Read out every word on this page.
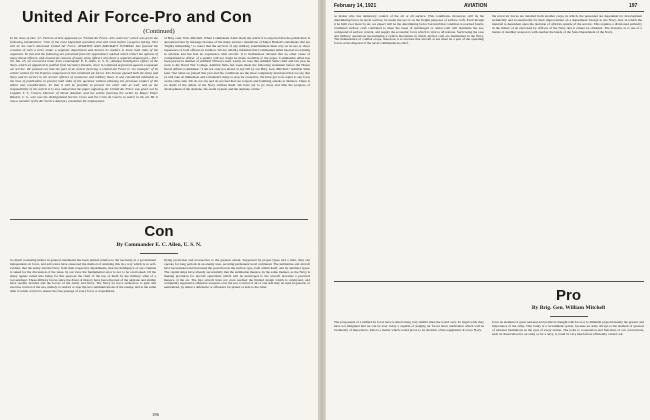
United Air Force-Pro and Con
(Continued)
In the issue of Dec. 27, 1920 an article appeared on "United Air Force—Pro and Con" which was given the following introduction: "One of the most important questions that will come before Congress during 1921 will be the much discussed United Air Force. AVIATION AND AIRCRAFT JOURNAL has favored the creation of such a force under a separate department and desires its readers to know both sides of the argument. To this end the following are presented from the opposition's outlook which reflect the opinion of many Naval officers, and around the reasons of many Army officers who favor a separate department.—Ed." On Jan. 25, we received a letter from Commander E. E. Allen, U. S. N., Aviation Intelligence officer of the Navy, which we appeared to publish from Secretary Daniels, since it contained arguments against a separate air service. We pointed out that the part of an article favoring a United Air Force is "an example" of its article written for the Express component of this combined air forces. The bureau opened both the Army and Navy and its service to air service officers of commerce and military Navy. It was considered advisable at the time of publication to present both sides of the question without allowing the personal contact of the editor into consideration. So that it will be possible to present the other side as well, and as the responsibility of the article it is now stated that the paper opposing the United Air Force was given out by Captain T. T. Craven, Director of Naval Aviation, and the article favoring the writer by Major Elmer Haslett, C. S., who was the distinguished Service Cross and the Croix de Guerre to notice in the air. He is now a member of the Air Service Advisory committee for employment.
of Brig. Gen. Wm. Mitchell. When Commander Allen made the article it is expected that the publication is announced that by message because of the many serious contentions of Major Haslett's statements that are "highly misleading," to assert that the survival of any military establishment must rely on its sea or shore experience of both officers in aviation. We are reliably informed that Commander Allen has had no training in aviation and has had no experience with aircraft. It is furthermore advised that no other cause of comprehensive officer of a quality will not doubt be made available to the paper. Commander Allen has been placed in number of Admiral Wilson's staff. Lastly we note that Admiral Sims' chief and last year he went to the Naval War College. Admiral Sims last week made the following statement before the House Naval Affairs Committee: "I am not only not afraid of any bill by our Brig. Gen. Mitchell," Admiral Sims said, "but when we played this year and the conditions are the most completely developed that we say that ye will take an immediate and a moment's delay to stop for ourselves. We have got to be equal to any force on the other side. We do not say and do not feel that our torpedo and bombing attacks at distance. There is no doubt of the defeat of the Navy without them. We have yet to go away and time the progress of development of the airplane, the aerial torpedo and the airplane carrier."
Con
By Commander E. C. Allen, U. S. N.
So much confusing matter in general statements has been printed relative to the necessity of a government independent air force, and advocates have answered the method of attaining this in a way which is so self-evident, that the Army and the Navy from their respective departments, that the indulgence of our columns is asked for the discussion of the issue. In our view the fundamental error is not to be overlooked. Of the many agents called into being for this purpose the chief of the use of them by the military arms of a Government. These military forces since the dawn of history have been directed of the airplane and airship have readily decided and the forces of the Army and Navy. The Navy by force endeavors to gain and exercise control of the sea, namely to restrict or stop the sea communications of the enemy, and at the same time to retain control to ensure the free passage of every force or expeditions.
flying protection and accessories to the greatest extent. Supported by proper types and a train, they can operate for long periods in an enemy area, securing permanent local command. The submarine and aircraft have necessitated and increased the protection in the surface type, both within itself, and by auxiliary types. The capital ships have already successfully met the submarine menace. In the same manner, as the Navy is making provision for aircraft operations which will be developed to the aircraft becomes a practical menace of the air. The fate aircraft have not even reached the limited design which is celebrated, and completely aggressive offensive weapons over the sea. Control of air of one arm may be used in general, or neutralized, by either a defensive or offensive for planes or aids to the other.
196
February 14, 1921	AVIATION	197
as matter who has temporary control of the air or all surface. This conditions, moreover, will be the determining factor in naval warfare, be under the sea or on the freight purposes of surface craft. Even though it be built ever more by air, we expect will be the determining factor but until that condition is reached fourth, combined surface craft combined to meet the issue of submerged or aerial craft will dominate the sea, compound of surface control, and supply the economic force which is vital to all nations. Such being the case and military operations necessitating a radical movement in which surface craft are maintained in the Navy. The maintenance of combat scope, therefore, it is obvious that aircraft at sea must be a part of the operating forces at the disposal of the naval commander-in-chief.
the naval air forces are detailed from another corps, in which, the personnel are dependent for development technically and economically for their improvement on a department foreign to the Navy, and, in which the material is dependent upon the decision of officials outside of the service. This requires a divisioned authority in the matter of an exercised by officers of the Navy and it cannot be obtained. The decision as to use of a matter of deadlier weapon is with another the hands of the State Department of the Navy.
Pro
By Brig. Gen. William Mitchell
The proponents of a unified air force have worked along very similar lines the world over. To begin with, they have not imagined that air can be ever today a capable of judging air forces since unification which will be eventually of importance. This is a matter which would prove to be decisive of the equipment of every Navy.
force an element of great national and political strength which is not to diminish proportionately the greater and importance of the army. That rarely is a recruitment option, because an army always is the element of greatest of national institutions in the eyes of every nation. The point is cooperation and functions of our conversions, such as observation for an army or for a navy, it could be very much more efficiently carried out.
